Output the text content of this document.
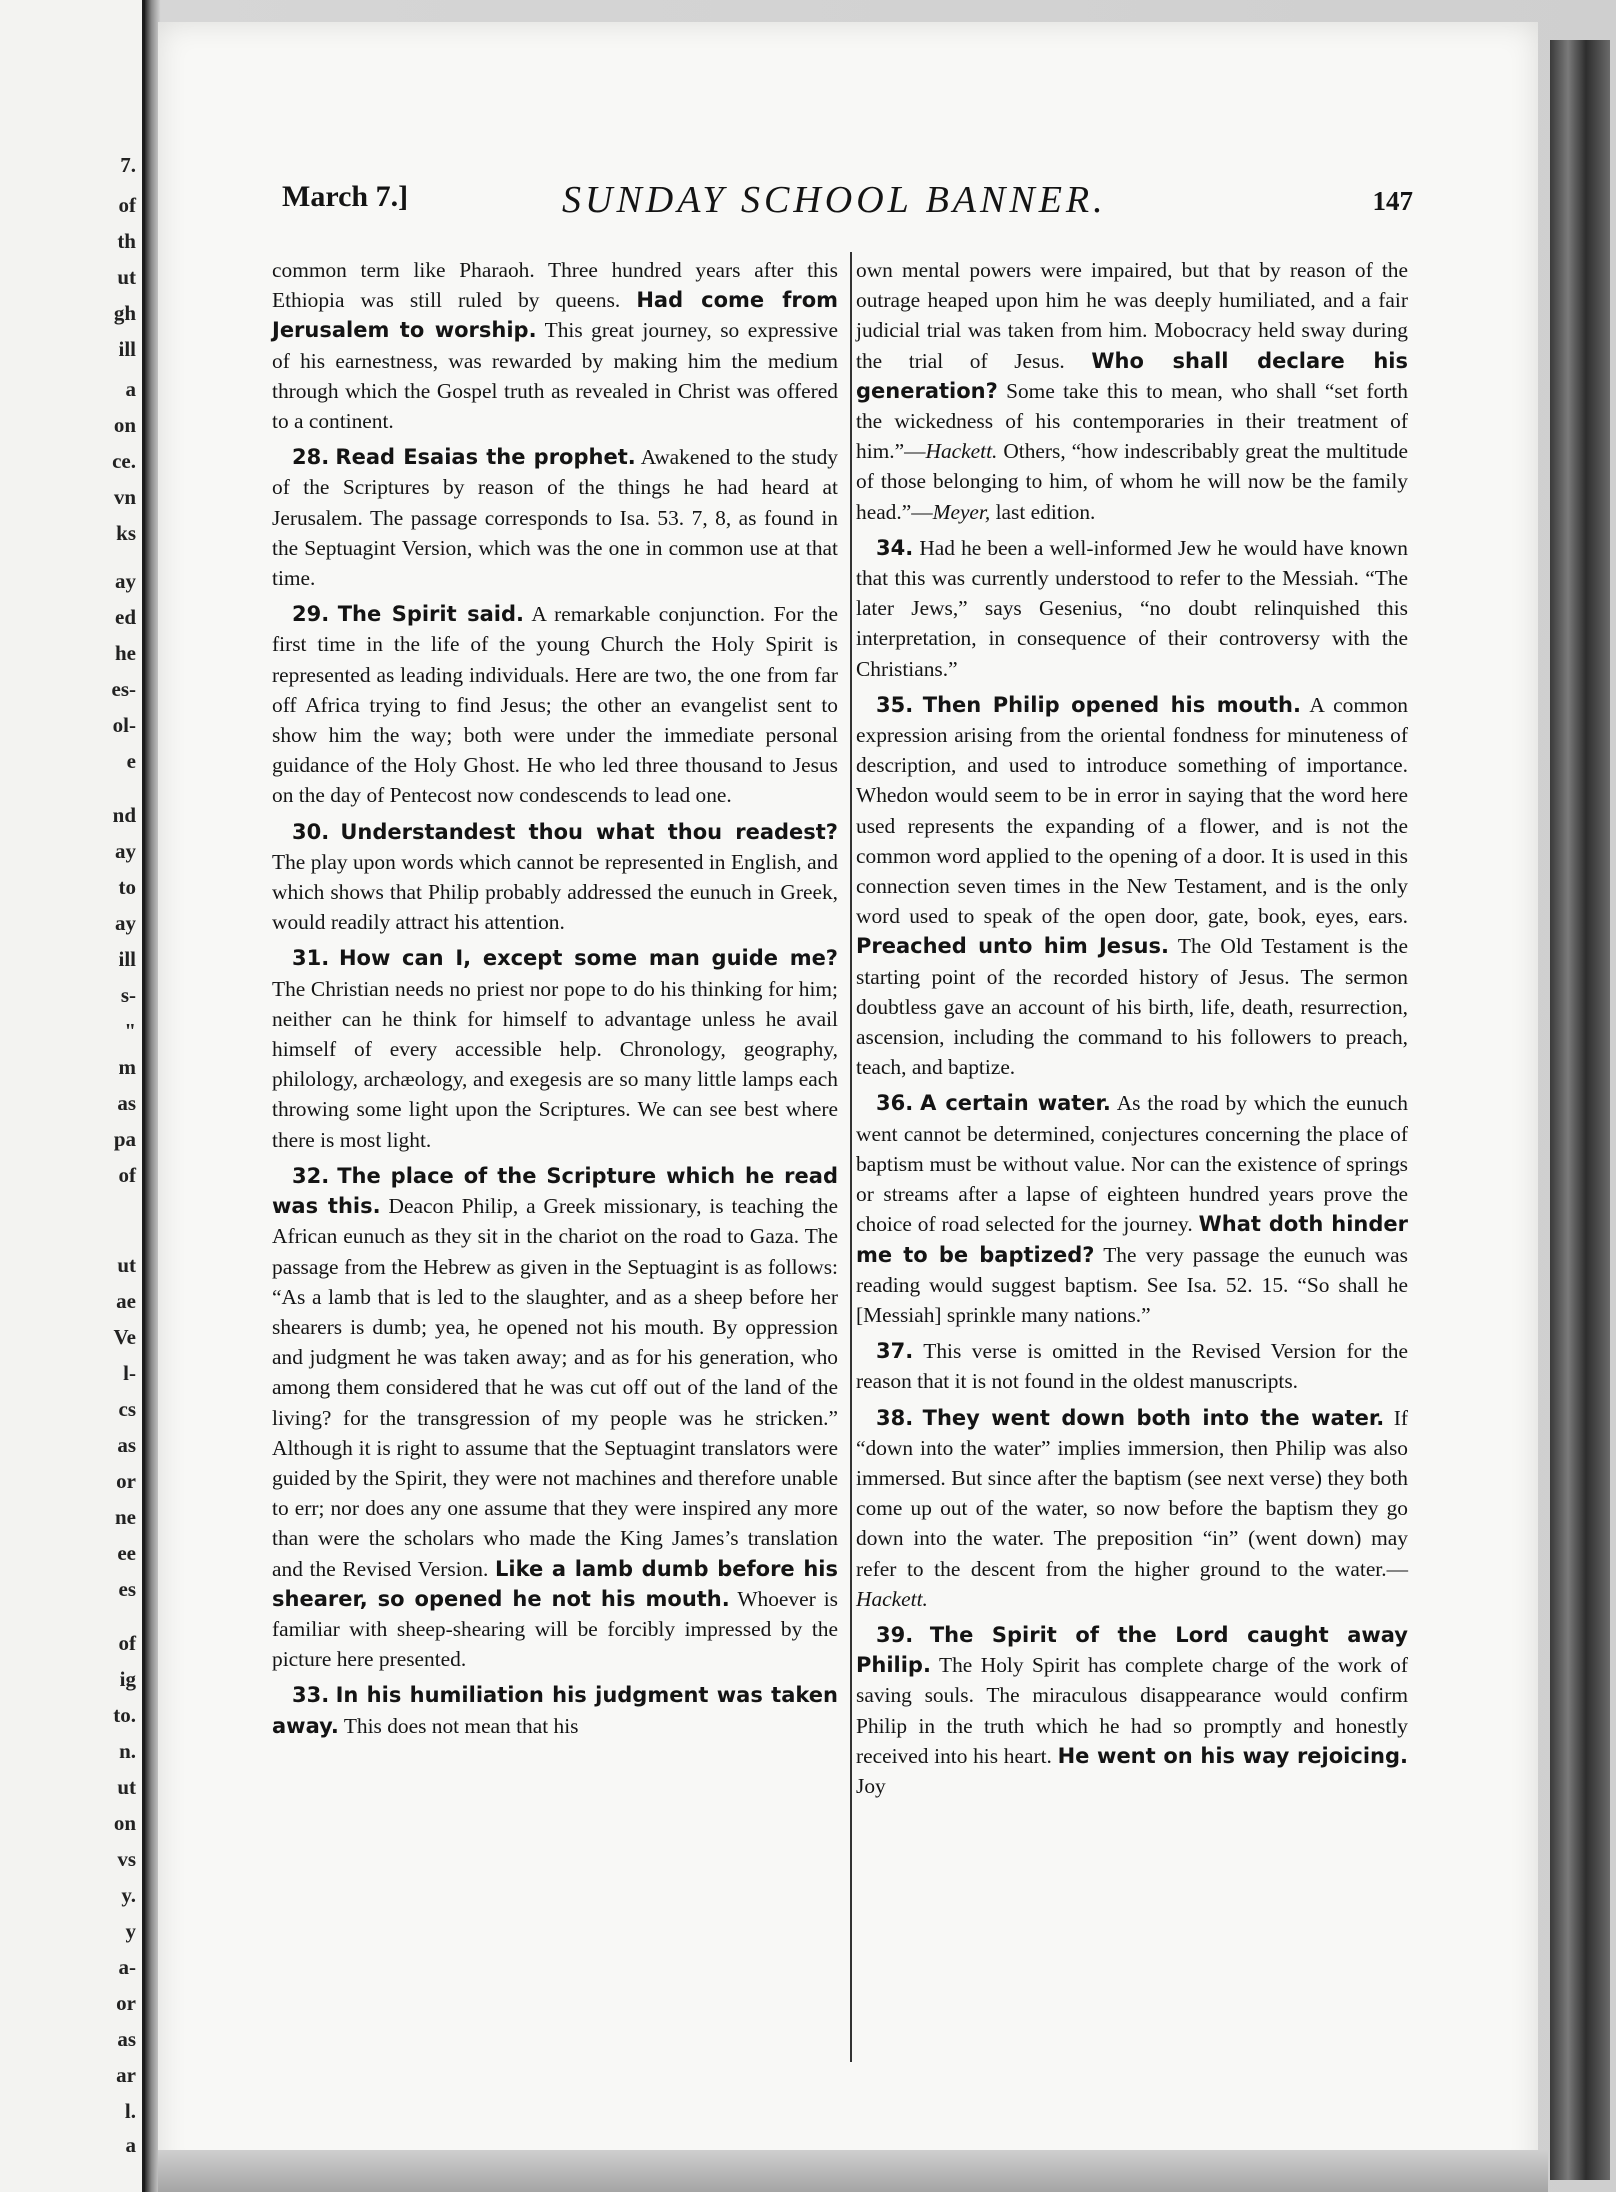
7.
of
th
ut
gh
ill
a
on
ce.
vn
ks
ay
ed
he
es-
ol-
e
nd
ay
to
ay
ill
s-
"
m
as
pa
of
ut
ae
Ve
l-
cs
as
or
ne
ee
es
of
ig
to.
n.
ut
on
vs
y.
y
a-
or
as
ar
l.
a
March 7.]	SUNDAY SCHOOL BANNER.	147

common term like Pharaoh. Three hundred years after this Ethiopia was still ruled by queens. Had come from Jerusalem to worship. This great journey, so expressive of his earnestness, was rewarded by making him the medium through which the Gospel truth as revealed in Christ was offered to a continent.

28. Read Esaias the prophet. Awakened to the study of the Scriptures by reason of the things he had heard at Jerusalem. The passage corresponds to Isa. 53. 7, 8, as found in the Septuagint Version, which was the one in common use at that time.

29. The Spirit said. A remarkable conjunction. For the first time in the life of the young Church the Holy Spirit is represented as leading individuals. Here are two, the one from far off Africa trying to find Jesus; the other an evangelist sent to show him the way; both were under the immediate personal guidance of the Holy Ghost. He who led three thousand to Jesus on the day of Pentecost now condescends to lead one.

30. Understandest thou what thou readest? The play upon words which cannot be represented in English, and which shows that Philip probably addressed the eunuch in Greek, would readily attract his attention.

31. How can I, except some man guide me? The Christian needs no priest nor pope to do his thinking for him; neither can he think for himself to advantage unless he avail himself of every accessible help. Chronology, geography, philology, archæology, and exegesis are so many little lamps each throwing some light upon the Scriptures. We can see best where there is most light.

32. The place of the Scripture which he read was this. Deacon Philip, a Greek missionary, is teaching the African eunuch as they sit in the chariot on the road to Gaza. The passage from the Hebrew as given in the Septuagint is as follows: “As a lamb that is led to the slaughter, and as a sheep before her shearers is dumb; yea, he opened not his mouth. By oppression and judgment he was taken away; and as for his generation, who among them considered that he was cut off out of the land of the living? for the transgression of my people was he stricken.” Although it is right to assume that the Septuagint translators were guided by the Spirit, they were not machines and therefore unable to err; nor does any one assume that they were inspired any more than were the scholars who made the King James’s translation and the Revised Version. Like a lamb dumb before his shearer, so opened he not his mouth. Whoever is familiar with sheep-shearing will be forcibly impressed by the picture here presented.

33. In his humiliation his judgment was taken away. This does not mean that his

own mental powers were impaired, but that by reason of the outrage heaped upon him he was deeply humiliated, and a fair judicial trial was taken from him. Mobocracy held sway during the trial of Jesus. Who shall declare his generation? Some take this to mean, who shall “set forth the wickedness of his contemporaries in their treatment of him.”—Hackett. Others, “how indescribably great the multitude of those belonging to him, of whom he will now be the family head.”—Meyer, last edition.

34. Had he been a well-informed Jew he would have known that this was currently understood to refer to the Messiah. “The later Jews,” says Gesenius, “no doubt relinquished this interpretation, in consequence of their controversy with the Christians.”

35. Then Philip opened his mouth. A common expression arising from the oriental fondness for minuteness of description, and used to introduce something of importance. Whedon would seem to be in error in saying that the word here used represents the expanding of a flower, and is not the common word applied to the opening of a door. It is used in this connection seven times in the New Testament, and is the only word used to speak of the open door, gate, book, eyes, ears. Preached unto him Jesus. The Old Testament is the starting point of the recorded history of Jesus. The sermon doubtless gave an account of his birth, life, death, resurrection, ascension, including the command to his followers to preach, teach, and baptize.

36. A certain water. As the road by which the eunuch went cannot be determined, conjectures concerning the place of baptism must be without value. Nor can the existence of springs or streams after a lapse of eighteen hundred years prove the choice of road selected for the journey. What doth hinder me to be baptized? The very passage the eunuch was reading would suggest baptism. See Isa. 52. 15. “So shall he [Messiah] sprinkle many nations.”

37. This verse is omitted in the Revised Version for the reason that it is not found in the oldest manuscripts.

38. They went down both into the water. If “down into the water” implies immersion, then Philip was also immersed. But since after the baptism (see next verse) they both come up out of the water, so now before the baptism they go down into the water. The preposition “in” (went down) may refer to the descent from the higher ground to the water.—Hackett.

39. The Spirit of the Lord caught away Philip. The Holy Spirit has complete charge of the work of saving souls. The miraculous disappearance would confirm Philip in the truth which he had so promptly and honestly received into his heart. He went on his way rejoicing. Joy
